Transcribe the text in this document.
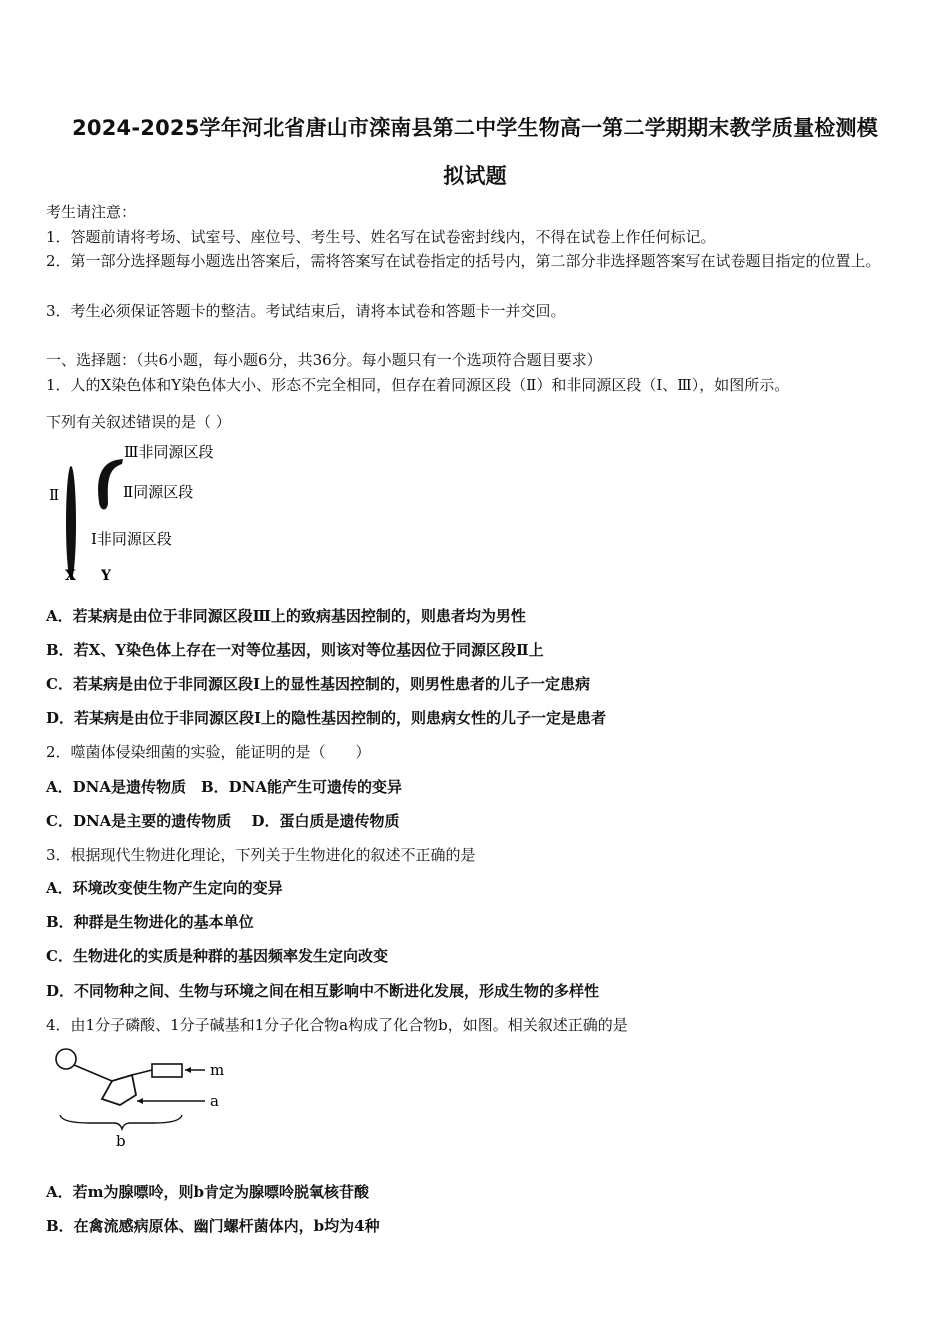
2024-2025学年河北省唐山市滦南县第二中学生物高一第二学期期末教学质量检测模
拟试题
考生请注意：
1．答题前请将考场、试室号、座位号、考生号、姓名写在试卷密封线内，不得在试卷上作任何标记。
2．第一部分选择题每小题选出答案后，需将答案写在试卷指定的括号内，第二部分非选择题答案写在试卷题目指定的位置上。
3．考生必须保证答题卡的整洁。考试结束后，请将本试卷和答题卡一并交回。
一、选择题：（共6小题，每小题6分，共36分。每小题只有一个选项符合题目要求）
1．人的X染色体和Y染色体大小、形态不完全相同，但存在着同源区段（Ⅱ）和非同源区段（Ⅰ、Ⅲ），如图所示。
下列有关叙述错误的是（ ）
Ⅲ非同源区段
Ⅱ同源区段
Ⅰ非同源区段
Ⅱ
X Y
A．若某病是由位于非同源区段Ⅲ上的致病基因控制的，则患者均为男性
B．若X、Y染色体上存在一对等位基因，则该对等位基因位于同源区段Ⅱ上
C．若某病是由位于非同源区段Ⅰ上的显性基因控制的，则男性患者的儿子一定患病
D．若某病是由位于非同源区段Ⅰ上的隐性基因控制的，则患病女性的儿子一定是患者
2．噬菌体侵染细菌的实验，能证明的是（　　）
A．DNA是遗传物质　B．DNA能产生可遗传的变异
C．DNA是主要的遗传物质　 D．蛋白质是遗传物质
3．根据现代生物进化理论，下列关于生物进化的叙述不正确的是
A．环境改变使生物产生定向的变异
B．种群是生物进化的基本单位
C．生物进化的实质是种群的基因频率发生定向改变
D．不同物种之间、生物与环境之间在相互影响中不断进化发展，形成生物的多样性
4．由1分子磷酸、1分子碱基和1分子化合物a构成了化合物b，如图。相关叙述正确的是
m
a
b
A．若m为腺嘌呤，则b肯定为腺嘌呤脱氧核苷酸
B．在禽流感病原体、幽门螺杆菌体内，b均为4种
